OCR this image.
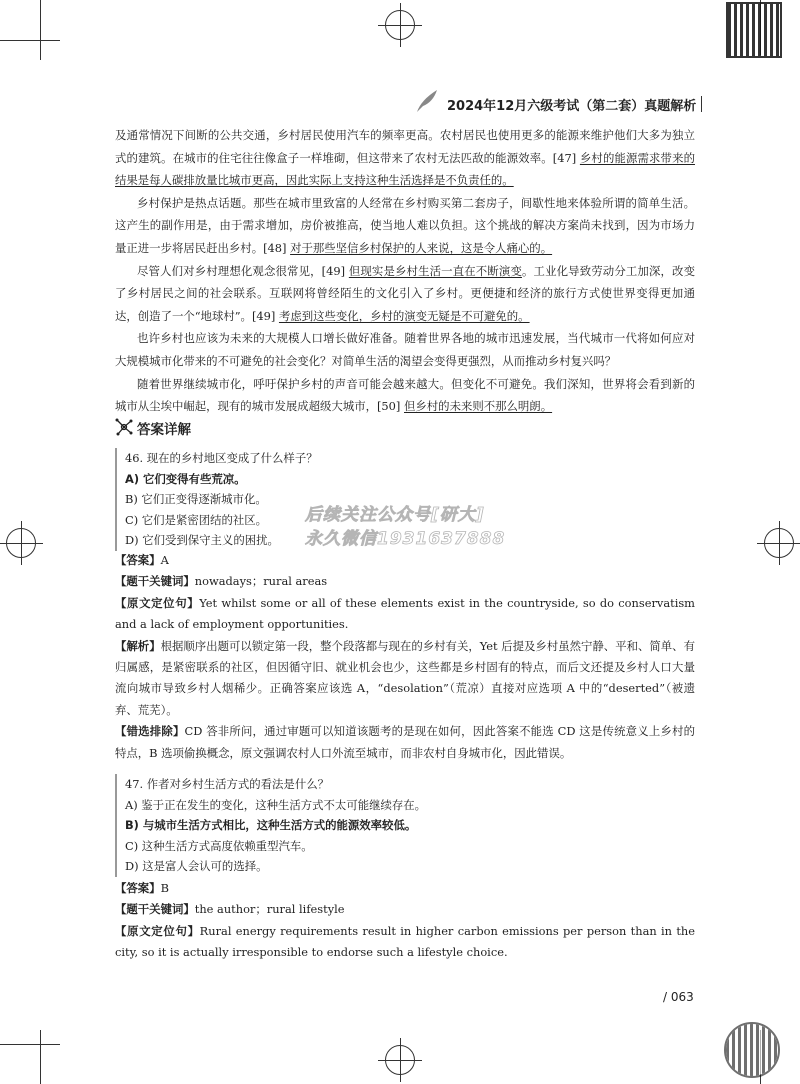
2024年12月六级考试（第二套）真题解析

及通常情况下间断的公共交通，乡村居民使用汽车的频率更高。农村居民也使用更多的能源来维护他们大多为独立式的建筑。在城市的住宅往往像盒子一样堆砌，但这带来了农村无法匹敌的能源效率。[47] 乡村的能源需求带来的结果是每人碳排放量比城市更高，因此实际上支持这种生活选择是不负责任的。

乡村保护是热点话题。那些在城市里致富的人经常在乡村购买第二套房子，间歇性地来体验所谓的简单生活。这产生的副作用是，由于需求增加，房价被推高，使当地人难以负担。这个挑战的解决方案尚未找到，因为市场力量正进一步将居民赶出乡村。[48] 对于那些坚信乡村保护的人来说，这是令人痛心的。

尽管人们对乡村理想化观念很常见，[49] 但现实是乡村生活一直在不断演变。工业化导致劳动分工加深，改变了乡村居民之间的社会联系。互联网将曾经陌生的文化引入了乡村。更便捷和经济的旅行方式使世界变得更加通达，创造了一个“地球村”。[49] 考虑到这些变化，乡村的演变无疑是不可避免的。

也许乡村也应该为未来的大规模人口增长做好准备。随着世界各地的城市迅速发展，当代城市一代将如何应对大规模城市化带来的不可避免的社会变化？对简单生活的渴望会变得更强烈，从而推动乡村复兴吗？

随着世界继续城市化，呼吁保护乡村的声音可能会越来越大。但变化不可避免。我们深知，世界将会看到新的城市从尘埃中崛起，现有的城市发展成超级大城市，[50] 但乡村的未来则不那么明朗。

答案详解
46. 现在的乡村地区变成了什么样子？
A) 它们变得有些荒凉。
B) 它们正变得逐渐城市化。
C) 它们是紧密团结的社区。
D) 它们受到保守主义的困扰。
后续关注公众号[研大]
永久微信1931637888

【答案】A

【题干关键词】nowadays；rural areas

【原文定位句】Yet whilst some or all of these elements exist in the countryside, so do conservatism and a lack of employment opportunities.

【解析】根据顺序出题可以锁定第一段，整个段落都与现在的乡村有关，Yet 后提及乡村虽然宁静、平和、简单、有归属感，是紧密联系的社区，但因循守旧、就业机会也少，这些都是乡村固有的特点，而后文还提及乡村人口大量流向城市导致乡村人烟稀少。正确答案应该选 A，“desolation”（荒凉）直接对应选项 A 中的“deserted”（被遗弃、荒芜）。

【错选排除】CD 答非所问，通过审题可以知道该题考的是现在如何，因此答案不能选 CD 这是传统意义上乡村的特点，B 选项偷换概念，原文强调农村人口外流至城市，而非农村自身城市化，因此错误。

47. 作者对乡村生活方式的看法是什么？
A) 鉴于正在发生的变化，这种生活方式不太可能继续存在。
B) 与城市生活方式相比，这种生活方式的能源效率较低。
C) 这种生活方式高度依赖重型汽车。
D) 这是富人会认可的选择。

【答案】B

【题干关键词】the author；rural lifestyle

【原文定位句】Rural energy requirements result in higher carbon emissions per person than in the city, so it is actually irresponsible to endorse such a lifestyle choice.

/ 063
